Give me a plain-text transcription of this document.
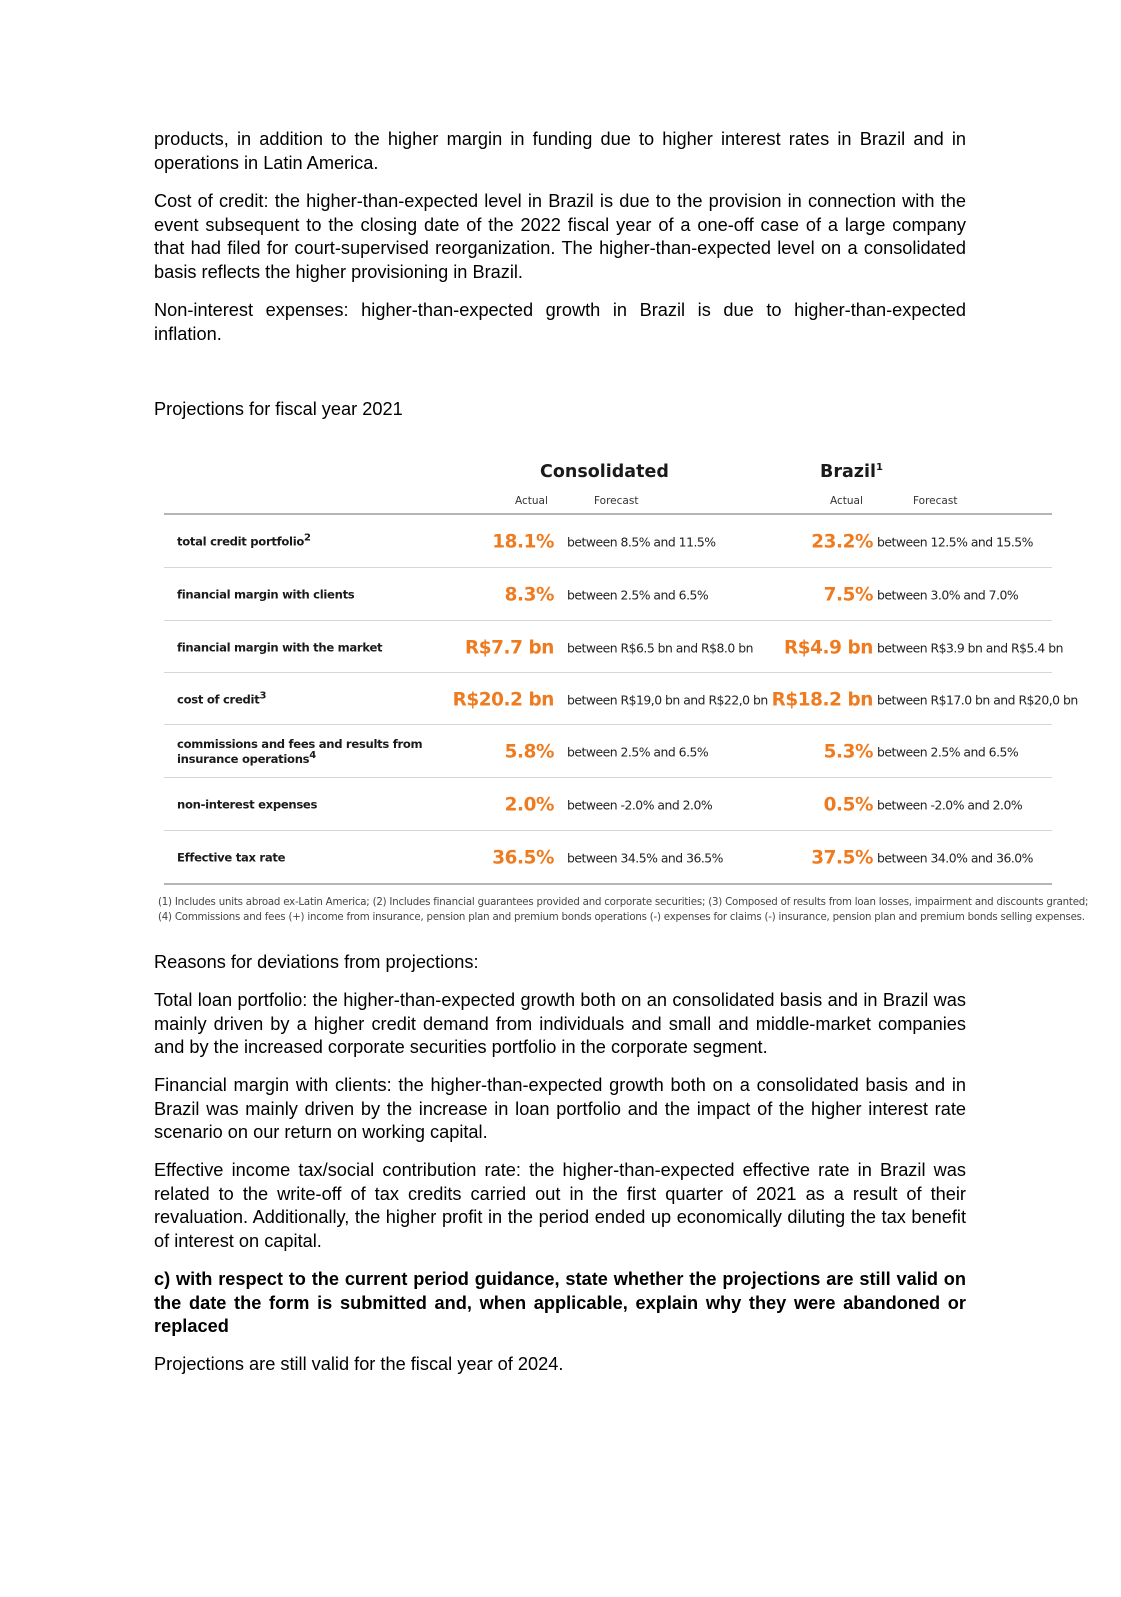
products, in addition to the higher margin in funding due to higher interest rates in Brazil and in operations in Latin America.

Cost of credit: the higher-than-expected level in Brazil is due to the provision in connection with the event subsequent to the closing date of the 2022 fiscal year of a one-off case of a large company that had filed for court-supervised reorganization. The higher-than-expected level on a consolidated basis reflects the higher provisioning in Brazil.

Non-interest expenses: higher-than-expected growth in Brazil is due to higher-than-expected inflation.

Projections for fiscal year 2021

Consolidated	Brazil$^1$
Actual	Forecast	Actual	Forecast
total credit portfolio2	18.1% between 8.5% and 11.5%	23.2% between 12.5% and 15.5%
financial margin with clients	8.3% between 2.5% and 6.5%	7.5% between 3.0% and 7.0%
financial margin with the market	R$7.7 bn between R$6.5 bn and R$8.0 bn R$4.9 bn between R$3.9 bn and R$5.4 bn
cost of credit3	R$20.2 bn between R$19,0 bn and R$22,0 bn R$18.2 bn between R$17.0 bn and R$20,0 bn
commissions and fees and results from insurance operations4	5.8% between 2.5% and 6.5%	5.3% between 2.5% and 6.5%
non-interest expenses	2.0% between -2.0% and 2.0%	0.5% between -2.0% and 2.0%
Effective tax rate	36.5% between 34.5% and 36.5%	37.5% between 34.0% and 36.0%
(1) Includes units abroad ex-Latin America; (2) Includes financial guarantees provided and corporate securities; (3) Composed of results from loan losses, impairment and discounts granted;
(4) Commissions and fees (+) income from insurance, pension plan and premium bonds operations (-) expenses for claims (-) insurance, pension plan and premium bonds selling expenses.

Reasons for deviations from projections:

Total loan portfolio: the higher-than-expected growth both on an consolidated basis and in Brazil was mainly driven by a higher credit demand from individuals and small and middle-market companies and by the increased corporate securities portfolio in the corporate segment.

Financial margin with clients: the higher-than-expected growth both on a consolidated basis and in Brazil was mainly driven by the increase in loan portfolio and the impact of the higher interest rate scenario on our return on working capital.

Effective income tax/social contribution rate: the higher-than-expected effective rate in Brazil was related to the write-off of tax credits carried out in the first quarter of 2021 as a result of their revaluation. Additionally, the higher profit in the period ended up economically diluting the tax benefit of interest on capital.

c) with respect to the current period guidance, state whether the projections are still valid on the date the form is submitted and, when applicable, explain why they were abandoned or replaced

Projections are still valid for the fiscal year of 2024.
